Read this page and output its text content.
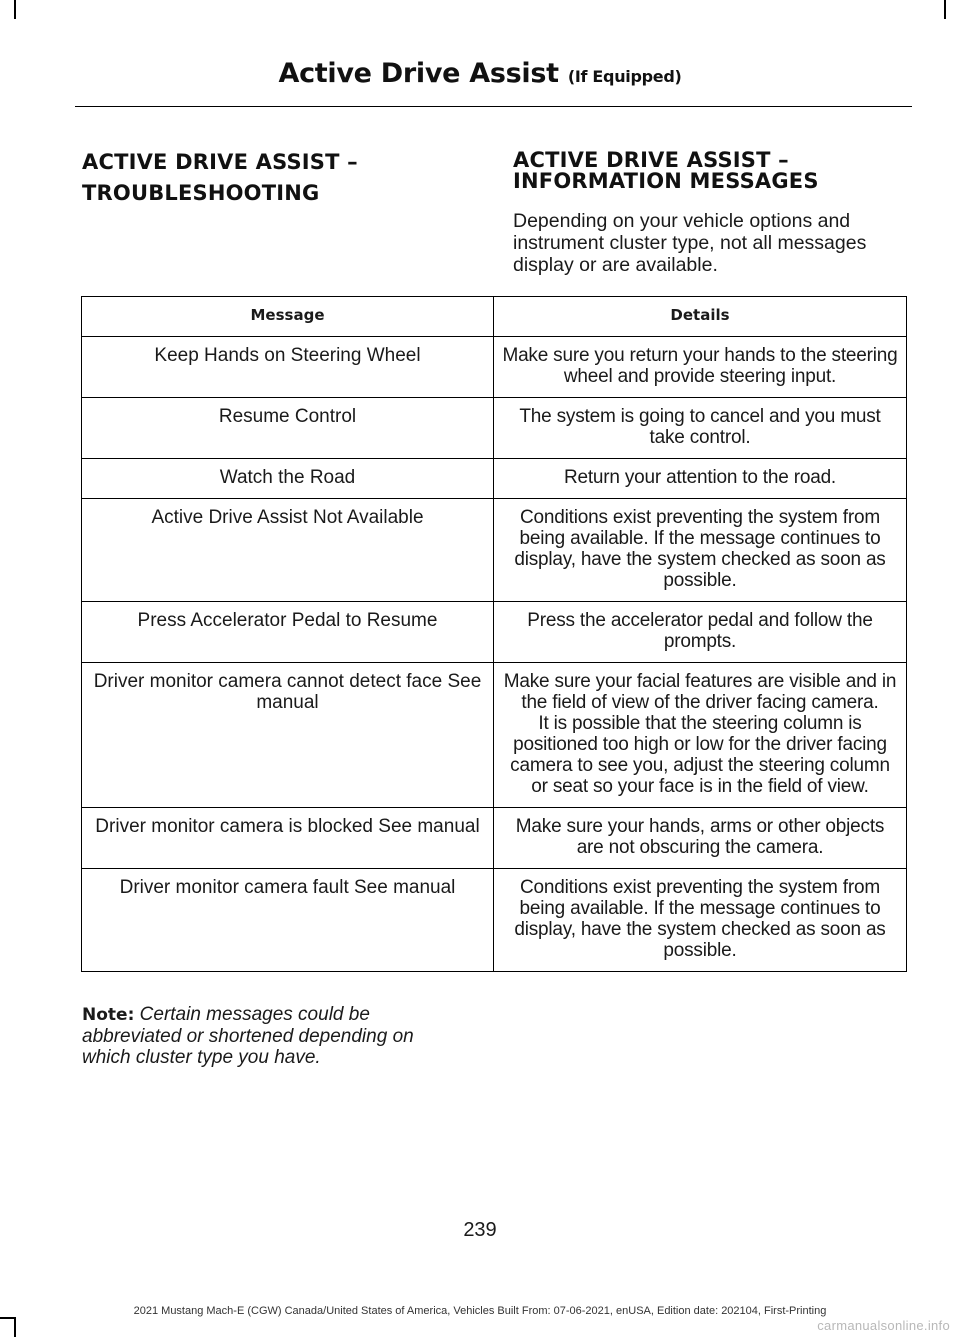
Active Drive Assist (If Equipped)
ACTIVE DRIVE ASSIST –
TROUBLESHOOTING
ACTIVE DRIVE ASSIST – INFORMATION MESSAGES
Depending on your vehicle options and instrument cluster type, not all messages display or are available.
Message	Details
Keep Hands on Steering Wheel	Make sure you return your hands to the steering wheel and provide steering input.

Resume Control	The system is going to cancel and you must take control.

Watch the Road	Return your attention to the road.

Active Drive Assist Not Available	Conditions exist preventing the system from being available. If the message continues to display, have the system checked as soon as possible.

Press Accelerator Pedal to Resume	Press the accelerator pedal and follow the prompts.

Driver monitor camera cannot detect face See manual	Make sure your facial features are visible and in the field of view of the driver facing camera.
It is possible that the steering column is positioned too high or low for the driver facing camera to see you, adjust the steering column or seat so your face is in the field of view.

Driver monitor camera is blocked See manual	Make sure your hands, arms or other objects are not obscuring the camera.

Driver monitor camera fault See manual	Conditions exist preventing the system from being available. If the message continues to display, have the system checked as soon as possible.
Note: Certain messages could be abbreviated or shortened depending on which cluster type you have.
239
2021 Mustang Mach-E (CGW) Canada/United States of America, Vehicles Built From: 07-06-2021, enUSA, Edition date: 202104, First-Printing
carmanualsonline.info
